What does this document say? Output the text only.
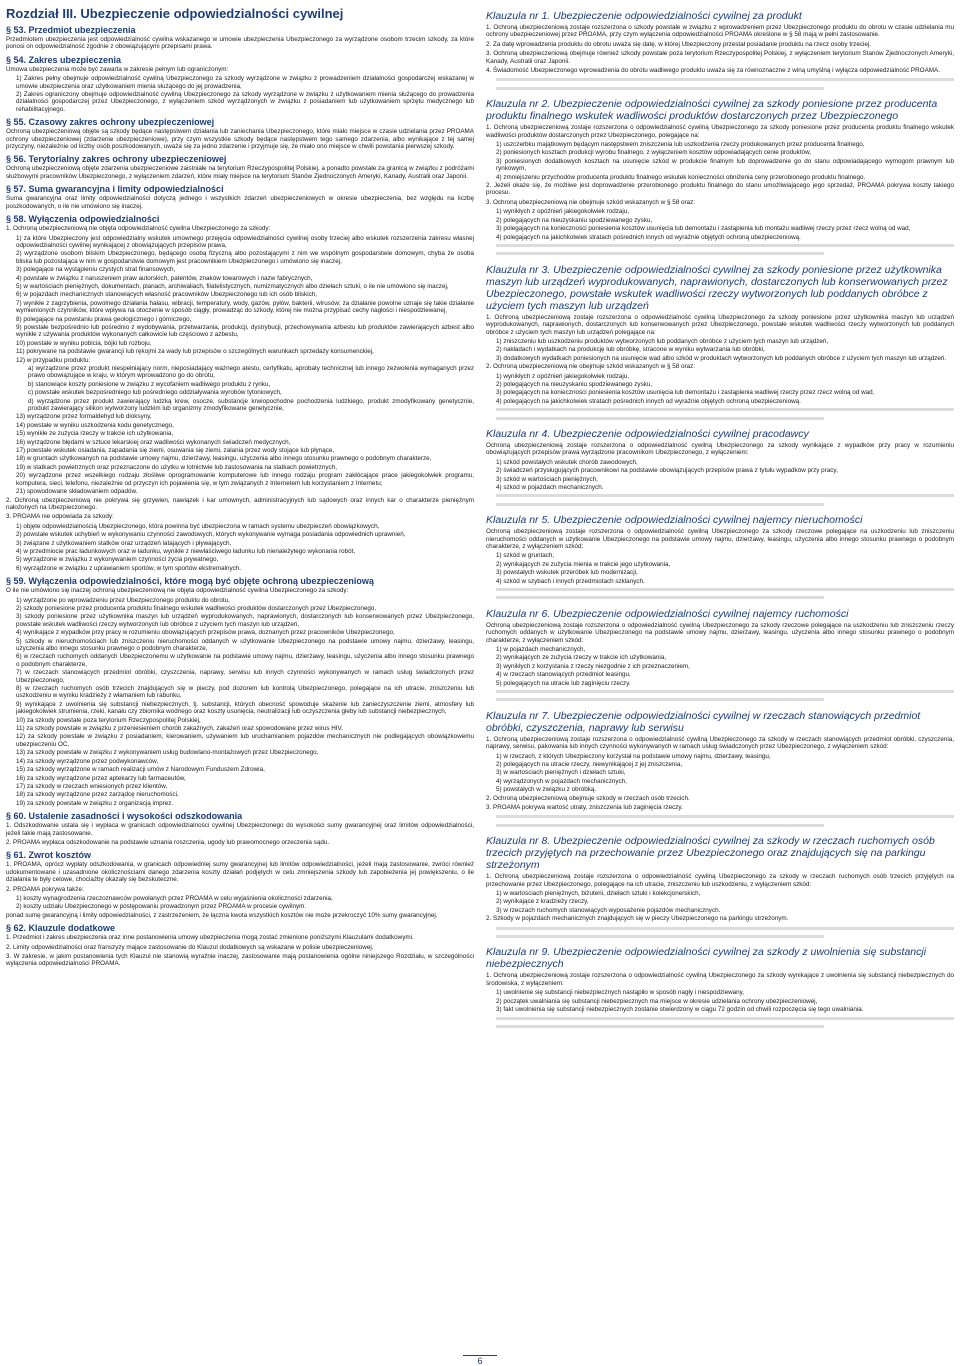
Rozdział III. Ubezpieczenie odpowiedzialności cywilnej
§ 53. Przedmiot ubezpieczenia
Przedmiotem ubezpieczenia jest odpowiedzialność cywilna wskazanego w umowie ubezpieczenia Ubezpieczonego za wyrządzone osobom trzecim szkody, za które ponosi on odpowiedzialność zgodnie z obowiązującymi przepisami prawa.
§ 54. Zakres ubezpieczenia
Umowa ubezpieczenia może być zawarta w zakresie pełnym lub ograniczonym:
1) Zakres pełny obejmuje odpowiedzialność cywilną Ubezpieczonego za szkody wyrządzone w związku z prowadzeniem działalności gospodarczej wskazanej w umowie ubezpieczenia oraz użytkowaniem mienia służącego do jej prowadzenia,
2) Zakres ograniczony obejmuje odpowiedzialność cywilną Ubezpieczonego za szkody wyrządzone w związku z użytkowaniem mienia służącego do prowadzenia działalności gospodarczej przez Ubezpieczonego, z wyłączeniem szkód wyrządzonych w związku z posiadaniem lub użytkowaniem sprzętu medycznego lub rehabilitacyjnego.
§ 55. Czasowy zakres ochrony ubezpieczeniowej
Ochroną ubezpieczeniową objęte są szkody będące następstwem działania lub zaniechania Ubezpieczonego, które miało miejsce w czasie udzielania przez PROAMA ochrony ubezpieczeniowej (zdarzenie ubezpieczeniowe), przy czym wszystkie szkody będące następstwem tego samego zdarzenia, albo wynikające z tej samej przyczyny, niezależnie od liczby osób poszkodowanych, uważa się za jedno zdarzenie i przyjmuje się, że miało ono miejsce w chwili powstania pierwszej szkody.
§ 56. Terytorialny zakres ochrony ubezpieczeniowej
Ochroną ubezpieczeniową objęte zdarzenia ubezpieczeniowe zaistniałe na terytorium Rzeczypospolitej Polskiej, a ponadto powstałe za granicą w związku z podróżami służbowymi pracowników Ubezpieczonego, z wyłączeniem zdarzeń, które miały miejsce na terytorium Stanów Zjednoczonych Ameryki, Kanady, Australii oraz Japonii.
§ 57. Suma gwarancyjna i limity odpowiedzialności
Suma gwarancyjna oraz limity odpowiedzialności dotyczą jednego i wszystkich zdarzeń ubezpieczeniowych w okresie ubezpieczenia, bez względu na liczbę poszkodowanych, o ile nie umówiono się inaczej.
§ 58. Wyłączenia odpowiedzialności
1. Ochroną ubezpieczeniową nie objęta odpowiedzialność cywilna Ubezpieczonego za szkody:
1) za które Ubezpieczony jest odpowiedzialny wskutek umownego przejęcia odpowiedzialności cywilnej osoby trzeciej albo wskutek rozszerzenia zakresu własnej odpowiedzialności cywilnej wynikającej z obowiązujących przepisów prawa,
2) wyrządzone osobom bliskim Ubezpieczonego, będącego osobą fizyczną albo pozostającymi z nim we wspólnym gospodarstwie domowym, chyba że osoba bliska lub pozostająca w nim w gospodarstwie domowym jest pracownikiem Ubezpieczonego i umówiono się inaczej,
3) polegające na wystąpieniu czystych strat finansowych,
4) powstałe w związku z naruszeniem praw autorskich, patentów, znaków towarowych i nazw fabrycznych,
5) w wartościach pieniężnych, dokumentach, planach, archiwaliach, filatelistycznych, numizmatycznych albo dziełach sztuki, o ile nie umówiono się inaczej,
6) w pojazdach mechanicznych stanowiących własność pracowników Ubezpieczonego lub ich osób bliskich,
7) wynikłe z zagrzybienia, powolnego działania hałasu, wibracji, temperatury, wody, gazów, pyłów, bakterii, wirusów; za działanie powolne uznaje się takie działanie wymienionych czynników, które wpływa na otoczenie w sposób ciągły, prowadząc do szkody, której nie można przypisać cechy nagłości i niespodziewanej,
8) polegające na powstaniu prawa geologicznego i górniczego,
9) powstałe bezpośrednio lub pośrednio z wydobywania, przetwarzania, produkcji, dystrybucji, przechowywania azbestu lub produktów zawierających azbest albo wynikłe z używania produktów wykonanych całkowicie lub częściowo z azbestu,
10) powstałe w wyniku pobicia, bójki lub rozboju,
11) pokrywane na podstawie gwarancji lub rękojmi za wady lub przepisów o szczególnych warunkach sprzedaży konsumenckiej,
12) w przypadku produktu:
a) wyrządzone przez produkt niespełniający norm, nieposiadający ważnego atestu, certyfikatu, aprobaty technicznej lub innego zezwolenia wymaganych przez prawo obowiązujące w kraju, w którym wprowadzono go do obrotu,
b) stanowiące koszty poniesione w związku z wycofaniem wadliwego produktu z rynku,
c) powstałe wskutek bezpośredniego lub pośredniego oddziaływania wyrobów tytoniowych,
d) wyrządzone przez produkt zawierający ludzką krew, osocze, substancje krwiopochodne pochodzenia ludzkiego, produkt zmodyfikowany genetycznie, produkt zawierający silikon wytworzony ludzkim lub organizmy zmodyfikowane genetycznie,
13) wyrządzone przez formaldehyd lub dioksyny,
14) powstałe w wyniku uszkodzenia kodu genetycznego,
15) wynikłe ze zużycia rzeczy w trakcie ich użytkowania,
16) wyrządzone błędami w sztuce lekarskiej oraz wadliwości wykonanych świadczeń medycznych,
17) powstałe wskutek osiadania, zapadania się ziemi, osuwania się ziemi, zalania przez wody stojące lub płynące,
18) w gruntach użytkowanych na podstawie umowy najmu, dzierżawy, leasingu, użyczenia albo innego stosunku prawnego o podobnym charakterze,
19) w statkach powietrznych oraz przeznaczone do użytku w lotnictwie lub zastosowania na statkach powietrznych,
20) wyrządzone przez wszelkiego rodzaju złośliwe oprogramowanie komputerowe lub innego rodzaju program zakłócające prace jakiegokolwiek programu, komputera, sieci, telefonu, niezależnie od przyczyn ich pojawienia się, w tym związanych z Internetem lub korzystaniem z Internetu;
21) spowodowane składowaniem odpadów.
2. Ochroną ubezpieczeniową nie pokrywa się grzywien, nawiązek i kar umownych, administracyjnych lub sądowych oraz innych kar o charakterze pieniężnym nałożonych na Ubezpieczonego.
3. PROAMA nie odpowiada za szkody:
1) objęte odpowiedzialnością Ubezpieczonego, która powinna być ubezpieczona w ramach systemu ubezpieczeń obowiązkowych,
2) powstałe wskutek uchybień w wykonywaniu czynności zawodowych, których wykonywanie wymaga posiadania odpowiednich uprawnień,
3) związane z użytkowaniem statków oraz urządzeń latających i pływających,
4) w przedmiocie prac ładunkowych oraz w ładunku, wynikłe z niewłaściwego ładunku lub nienależytego wykonania robót,
5) wyrządzone w związku z wykonywaniem czynności życia prywatnego,
6) wyrządzone w związku z uprawianiem sportów, w tym sportów ekstremalnych.
§ 59. Wyłączenia odpowiedzialności, które mogą być objęte ochroną ubezpieczeniową
O ile nie umówiono się inaczej ochroną ubezpieczeniową nie objęta odpowiedzialność cywilna Ubezpieczonego za szkody:
1) wyrządzone po wprowadzeniu przez Ubezpieczonego produktu do obrotu,
2) szkody poniesione przez producenta produktu finalnego wskutek wadliwości produktów dostarczonych przez Ubezpieczonego,
3) szkody poniesione przez użytkownika maszyn lub urządzeń wyprodukowanych, naprawionych, dostarczonych lub konserwowanych przez Ubezpieczonego, powstałe wskutek wadliwości rzeczy wytworzonych lub obróbce z użyciem tych maszyn lub urządzeń,
4) wynikające z wypadków przy pracy w rozumieniu obowiązujących przepisów prawa, doznanych przez pracowników Ubezpieczonego,
5) szkody w nieruchomościach lub zniszczeniu nieruchomości oddanych w użytkowanie Ubezpieczonego na podstawie umowy najmu, dzierżawy, leasingu, użyczenia albo innego stosunku prawnego o podobnym charakterze,
6) w rzeczach ruchomych oddanych Ubezpieczonemu w użytkowanie na podstawie umowy najmu, dzierżawy, leasingu, użyczenia albo innego stosunku prawnego o podobnym charakterze,
7) w rzeczach stanowiących przedmiot obróbki, czyszczenia, naprawy, serwisu lub innych czynności wykonywanych w ramach usług świadczonych przez Ubezpieczonego,
8) w rzeczach ruchomych osób trzecich znajdujących się w pieczy, pod dozorem lub kontrolą Ubezpieczonego, polegające na ich utracie, zniszczeniu lub uszkodzeniu w wyniku kradzieży z włamaniem lub rabunku,
9) wynikające z uwolnienia się substancji niebezpiecznych, tj. substancji, których obecność spowoduje skażenie lub zanieczyszczenie ziemi, atmosfery lub jakiegokolwiek strumienia, rzeki, kanału czy zbiornika wodnego oraz koszty usunięcia, neutralizacji lub oczyszczenia gleby lub substancji niebezpiecznych,
10) za szkody powstałe poza terytorium Rzeczypospolitej Polskiej,
11) za szkody powstałe w związku z przeniesieniem chorób zakaźnych, zakażeń oraz spowodowane przez wirus HIV,
12) za szkody powstałe w związku z posiadaniem, kierowaniem, używaniem lub uruchamianiem pojazdów mechanicznych nie podlegających obowiązkowemu ubezpieczeniu OC,
13) za szkody powstałe w związku z wykonywaniem usług budowlano-montażowych przez Ubezpieczonego,
14) za szkody wyrządzone przez podwykonawców,
15) za szkody wyrządzone w ramach realizacji umów z Narodowym Funduszem Zdrowia,
16) za szkody wyrządzone przez aptekarzy lub farmaceutów,
17) za szkody w rzeczach wniesionych przez klientów,
18) za szkody wyrządzone przez zarządcę nieruchomości,
19) za szkody powstałe w związku z organizacją imprez.
§ 60. Ustalenie zasadności i wysokości odszkodowania
1. Odszkodowanie ustala się i wypłaca w granicach odpowiedzialności cywilnej Ubezpieczonego do wysokości sumy gwarancyjnej oraz limitów odpowiedzialności, jeżeli takie mają zastosowanie.
2. PROAMA wypłaca odszkodowanie na podstawie uznania roszczenia, ugody lub prawomocnego orzeczenia sądu.
§ 61. Zwrot kosztów
1. PROAMA, oprócz wypłaty odszkodowania, w granicach odpowiedniej sumy gwarancyjnej lub limitów odpowiedzialności, jeżeli mają zastosowanie, zwróci również udokumentowane i uzasadnione okolicznościami danego zdarzenia koszty działań podjętych w celu zmniejszenia szkody lub zapobieżenia jej powiększeniu, o ile działania te były celowe, chociażby okazały się bezskuteczne.
2. PROAMA pokrywa także:
1) koszty wynagrodzenia rzeczoznawców powołanych przez PROAMA w celu wyjaśnienia okoliczności zdarzenia,
2) koszty udziału Ubezpieczonego w postępowaniu prowadzonym przez PROAMA w procesie cywilnym.
ponad sumę gwarancyjną i limity odpowiedzialności, z zastrzeżeniem, że łączna kwota wszystkich kosztów nie może przekroczyć 10% sumy gwarancyjnej.
§ 62. Klauzule dodatkowe
1. Przedmiot i zakres ubezpieczenia oraz inne postanowienia umowy ubezpieczenia mogą zostać zmienione poniższymi Klauzulami dodatkowymi.
2. Limity odpowiedzialności oraz franszyzy mające zastosowanie do Klauzul dodatkowych są wskazane w polisie ubezpieczeniowej.
3. W zakresie, w jakim postanowienia tych Klauzul nie stanowią wyraźnie inaczej, zastosowanie mają postanowienia ogólne niniejszego Rozdziału, w szczególności wyłączenia odpowiedzialności PROAMA.
Klauzula nr 1. Ubezpieczenie odpowiedzialności cywilnej za produkt
1. Ochroną ubezpieczeniową zostaje rozszerzona o szkody powstałe w związku z wprowadzeniem przez Ubezpieczonego produktu do obrotu w czasie udzielania mu ochrony ubezpieczeniowej przez PROAMA, przy czym wyłączenia odpowiedzialności PROAMA określone w § 58 mają w pełni zastosowanie.
2. Za datę wprowadzenia produktu do obrotu uważa się datę, w której Ubezpieczony przestał posiadanie produktu na rzecz osoby trzeciej.
3. Ochroną ubezpieczeniową obejmuje również szkody powstałe poza terytorium Rzeczypospolitej Polskiej, z wyłączeniem terytorium Stanów Zjednoczonych Ameryki, Kanady, Australii oraz Japonii.
4. Świadomość Ubezpieczonego wprowadzenia do obrotu wadliwego produktu uważa się za równoznaczne z winą umyślną i wyłącza odpowiedzialność PROAMA.
Klauzula nr 2. Ubezpieczenie odpowiedzialności cywilnej za szkody poniesione przez producenta produktu finalnego wskutek wadliwości produktów dostarczonych przez Ubezpieczonego
1. Ochroną ubezpieczeniową zostaje rozszerzona o odpowiedzialność cywilną Ubezpieczonego za szkody poniesione przez producenta produktu finalnego wskutek wadliwości produktów dostarczonych przez Ubezpieczonego, polegające na:
1) uszczerbku majątkowym będącym następstwem zniszczenia lub uszkodzenia rzeczy produkowanych przez producenta finalnego,
2) poniesionych kosztach produkcji wyrobu finalnego, z wyłączeniem kosztów odpowiadających cenie produktów,
3) poniesionych dodatkowych kosztach na usunięcie szkód w produkcie finalnym lub doprowadzenie go do stanu odpowiadającego wymogom prawnym lub rynkowym,
4) zmniejszeniu przychodów producenta produktu finalnego wskutek konieczności obniżenia ceny przerobionego produktu finalnego.
2. Jeżeli okaże się, że możliwe jest doprowadzenie przerobionego produktu finalnego do stanu umożliwiającego jego sprzedaż, PROAMA pokrywa koszty takiego procesu.
3. Ochroną ubezpieczeniową nie obejmuje szkód wskazanych w § 58 oraz:
1) wynikłych z opóźnień jakiegokolwiek rodzaju,
2) polegających na nieuzyskaniu spodziewanego zysku,
3) polegających na konieczności poniesienia kosztów usunięcia lub demontażu i zastąpienia lub montażu wadliwej rzeczy przez rzecz wolną od wad,
4) polegających na jakichkolwiek stratach pośrednich innych od wyraźnie objętych ochroną ubezpieczeniową.
Klauzula nr 3. Ubezpieczenie odpowiedzialności cywilnej za szkody poniesione przez użytkownika maszyn lub urządzeń wyprodukowanych, naprawionych, dostarczonych lub konserwowanych przez Ubezpieczonego, powstałe wskutek wadliwości rzeczy wytworzonych lub poddanych obróbce z użyciem tych maszyn lub urządzeń
1. Ochroną ubezpieczeniową zostaje rozszerzona o odpowiedzialność cywilną Ubezpieczonego za szkody poniesione przez użytkownika maszyn lub urządzeń wyprodukowanych, naprawionych, dostarczonych lub konserwowanych przez Ubezpieczonego, powstałe wskutek wadliwości rzeczy wytworzonych lub poddanych obróbce z użyciem tych maszyn lub urządzeń polegające na:
1) zniszczeniu lub uszkodzeniu produktów wytworzonych lub poddanych obróbce z użyciem tych maszyn lub urządzeń,
2) nakładach i wydatkach na produkcję lub obróbkę, stracone w wyniku wytwarzania lub obróbki,
3) dodatkowych wydatkach poniesionych na usunięcie wad albo szkód w produktach wytworzonych lub poddanych obróbce z użyciem tych maszyn lub urządzeń.
2. Ochroną ubezpieczeniową nie obejmuje szkód wskazanych w § 58 oraz:
1) wynikłych z opóźnień jakiegokolwiek rodzaju,
2) polegających na nieuzyskaniu spodziewanego zysku,
3) polegających na konieczności poniesienia kosztów usunięcia lub demontażu i zastąpienia wadliwej rzeczy przez rzecz wolną od wad,
4) polegających na jakichkolwiek stratach pośrednich innych od wyraźnie objętych ochroną ubezpieczeniową.
Klauzula nr 4. Ubezpieczenie odpowiedzialności cywilnej pracodawcy
Ochroną ubezpieczeniową zostaje rozszerzona o odpowiedzialność cywilną Ubezpieczonego za szkody wynikające z wypadków przy pracy w rozumieniu obowiązujących przepisów prawa wyrządzone pracownikom Ubezpieczonego, z wyłączeniem:
1) szkód powstałych wskutek chorób zawodowych,
2) świadczeń przysługujących pracownikowi na podstawie obowiązujących przepisów prawa z tytułu wypadków przy pracy,
3) szkód w wartościach pieniężnych,
4) szkód w pojazdach mechanicznych.
Klauzula nr 5. Ubezpieczenie odpowiedzialności cywilnej najemcy nieruchomości
Ochroną ubezpieczeniową zostaje rozszerzona o odpowiedzialność cywilną Ubezpieczonego za szkody rzeczowe polegające na uszkodzeniu lub zniszczeniu nieruchomości oddanych w użytkowanie Ubezpieczonego na podstawie umowy najmu, dzierżawy, leasingu, użyczenia albo innego stosunku prawnego o podobnym charakterze, z wyłączeniem szkód:
1) szkód w gruntach,
2) wynikających ze zużycia mienia w trakcie jego użytkowania,
3) powstałych wskutek przeróbek lub modernizacji,
4) szkód w szybach i innych przedmiotach szklanych.
Klauzula nr 6. Ubezpieczenie odpowiedzialności cywilnej najemcy ruchomości
Ochroną ubezpieczeniową zostaje rozszerzona o odpowiedzialność cywilną Ubezpieczonego za szkody rzeczowe polegające na uszkodzeniu lub zniszczeniu rzeczy ruchomych oddanych w użytkowanie Ubezpieczonego na podstawie umowy najmu, dzierżawy, leasingu, użyczenia albo innego stosunku prawnego o podobnym charakterze, z wyłączeniem szkód:
1) w pojazdach mechanicznych,
2) wynikających ze zużycia rzeczy w trakcie ich użytkowania,
3) wynikłych z korzystania z rzeczy niezgodnie z ich przeznaczeniem,
4) w rzeczach stanowiących przedmiot leasingu,
5) polegających na utracie lub zaginięciu rzeczy.
Klauzula nr 7. Ubezpieczenie odpowiedzialności cywilnej w rzeczach stanowiących przedmiot obróbki, czyszczenia, naprawy lub serwisu
1. Ochroną ubezpieczeniową zostaje rozszerzona o odpowiedzialność cywilną Ubezpieczonego za szkody w rzeczach stanowiących przedmiot obróbki, czyszczenia, naprawy, serwisu, pakowania lub innych czynności wykonywanych w ramach usług świadczonych przez Ubezpieczonego, z wyłączeniem szkód:
1) w rzeczach, z których Ubezpieczony korzystał na podstawie umowy najmu, dzierżawy, leasingu,
2) polegających na utracie rzeczy, niewynikającej z jej zniszczenia,
3) w wartościach pieniężnych i dziełach sztuki,
4) wyrządzonych w pojazdach mechanicznych,
5) powstałych w związku z obróbką.
2. Ochroną ubezpieczeniową obejmuje szkody w rzeczach osób trzecich.
3. PROAMA pokrywa wartość utraty, zniszczenia lub zaginięcia rzeczy.
Klauzula nr 8. Ubezpieczenie odpowiedzialności cywilnej za szkody w rzeczach ruchomych osób trzecich przyjętych na przechowanie przez Ubezpieczonego oraz znajdujących się na parkingu strzeżonym
1. Ochroną ubezpieczeniową zostaje rozszerzona o odpowiedzialność cywilną Ubezpieczonego za szkody w rzeczach ruchomych osób trzecich przyjętych na przechowanie przez Ubezpieczonego, polegające na ich utracie, zniszczeniu lub uszkodzeniu, z wyłączeniem szkód:
1) w wartościach pieniężnych, biżuterii, dziełach sztuki i kolekcjonerskich,
2) wynikające z kradzieży rzeczy,
3) w rzeczach ruchomych stanowiących wyposażenie pojazdów mechanicznych.
2. Szkody w pojazdach mechanicznych znajdujących się w pieczy Ubezpieczonego na parkingu strzeżonym.
Klauzula nr 9. Ubezpieczenie odpowiedzialności cywilnej za szkody z uwolnienia się substancji niebezpiecznych
1. Ochroną ubezpieczeniową zostaje rozszerzona o odpowiedzialność cywilną Ubezpieczonego za szkody wynikające z uwolnienia się substancji niebezpiecznych do środowiska, z wyłączeniem:
1) uwolnienie się substancji niebezpiecznych nastąpiło w sposób nagły i niespodziewany,
2) początek uwalniania się substancji niebezpiecznych ma miejsce w okresie udzielania ochrony ubezpieczeniowej,
3) fakt uwolnienia się substancji niebezpiecznych zostanie stwierdzony w ciągu 72 godzin od chwili rozpoczęcia się tego uwalniania.
6
